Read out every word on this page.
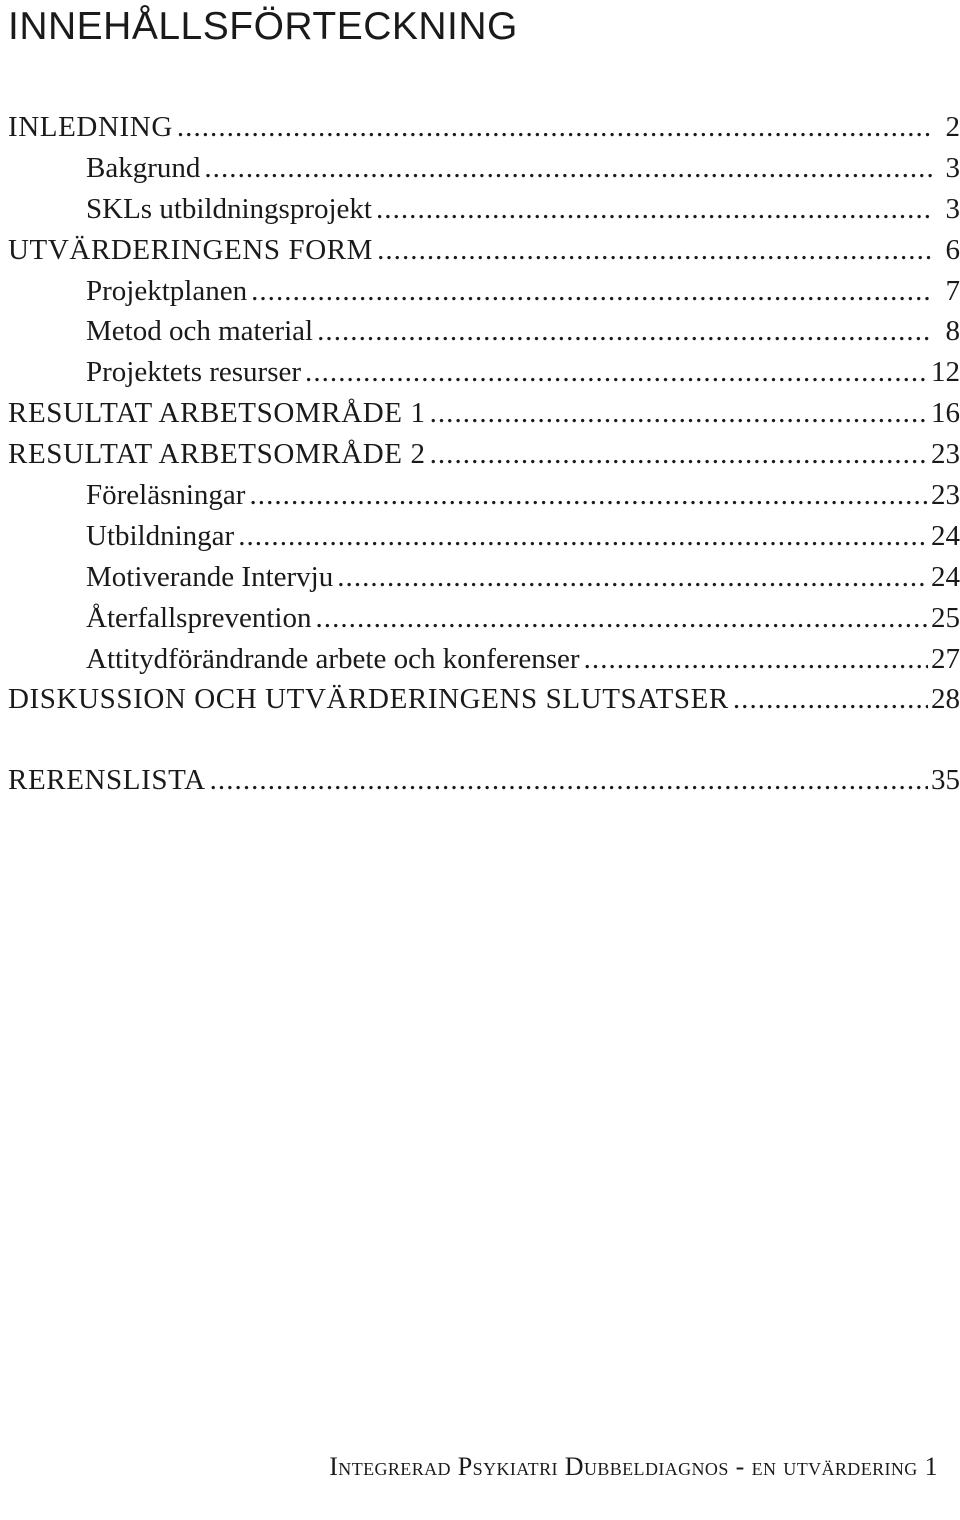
INNEHÅLLSFÖRTECKNING
INLEDNING . . .	2
Bakgrund . . .	3
SKLs utbildningsprojekt . . .	3
UTVÄRDERINGENS FORM . . .	6
Projektplanen . . .	7
Metod och material . . .	8
Projektets resurser . . .	12
RESULTAT ARBETSOMRÅDE 1 . . .	16
RESULTAT ARBETSOMRÅDE 2 . . .	23
Föreläsningar . . .	23
Utbildningar . . .	24
Motiverande Intervju . . .	24
Återfallsprevention . . .	25
Attitydförändrande arbete och konferenser . . .	27
DISKUSSION OCH UTVÄRDERINGENS SLUTSATSER . . .	28
RERENSLISTA . . .	35
Integrerad Psykiatri Dubbeldiagnos - en utvärdering 1
